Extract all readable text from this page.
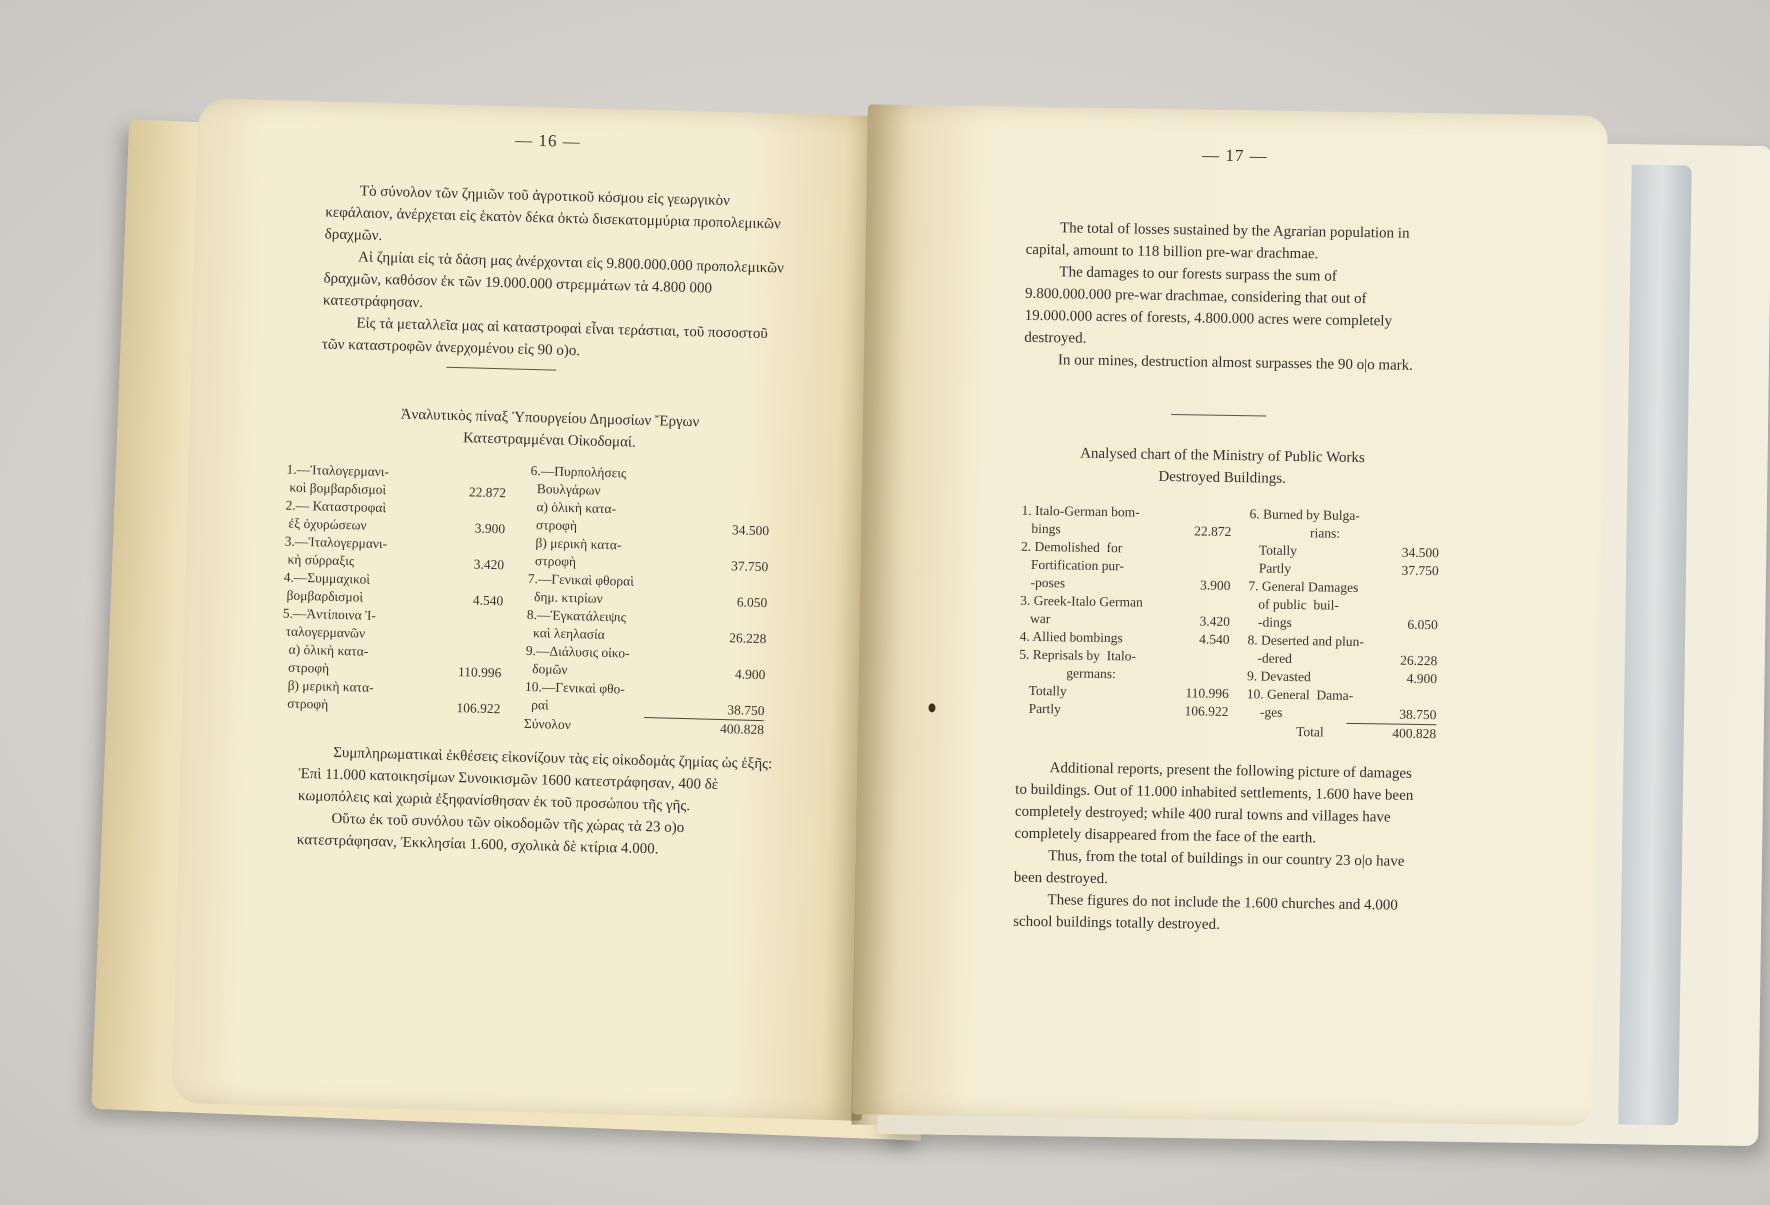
— 16 —

Τὸ σύνολον τῶν ζημιῶν τοῦ ἀγροτικοῦ κόσμου εἰς γεωργικὸν κεφάλαιον, ἀνέρχεται εἰς ἑκατὸν δέκα ὀκτὼ δισεκατομμύρια προπολεμικῶν δραχμῶν.

Αἱ ζημίαι εἰς τὰ δάση μας ἀνέρχονται εἰς 9.800.000.000 προπολεμικῶν δραχμῶν, καθόσον ἐκ τῶν 19.000.000 στρεμμάτων τὰ 4.800 000 κατεστράφησαν.

Εἰς τὰ μεταλλεῖα μας αἱ καταστροφαὶ εἶναι τεράστιαι, τοῦ ποσοστοῦ τῶν καταστροφῶν ἀνερχομένου εἰς 90 ο)ο.

Ἀναλυτικὸς πίναξ Ὑπουργείου Δημοσίων Ἔργων
Κατεστραμμέναι Οἰκοδομαί.
1.—Ἰταλογερμανι-
κοὶ βομβαρδισμοὶ	22.872
2.— Καταστροφαὶ
ἐξ ὀχυρώσεων	3.900
3.—Ἰταλογερμανι-
κὴ σύρραξις	3.420
4.—Συμμαχικοὶ
βομβαρδισμοὶ	4.540
5.—Ἀντίποινα Ἰ-
ταλογερμανῶν
α) ὁλικὴ κατα-
στροφὴ	110.996
β) μερικὴ κατα-
στροφὴ	106.922
6.—Πυρπολήσεις
Βουλγάρων
α) ὁλικὴ κατα-
στροφὴ	34.500
β) μερικὴ κατα-
στροφὴ	37.750
7.—Γενικαὶ φθοραὶ
δημ. κτιρίων	6.050
8.—Ἐγκατάλειψις
καὶ λεηλασία	26.228
9.—Διάλυσις οἰκο-
δομῶν	4.900
10.—Γενικαὶ φθο-
ραὶ	38.750
Σύνολον	400.828

Συμπληρωματικαὶ ἐκθέσεις εἰκονίζουν τὰς εἰς οἰκοδομὰς ζημίας ὡς ἑξῆς: Ἐπὶ 11.000 κατοικησίμων Συνοικισμῶν 1600 κατεστράφησαν, 400 δὲ κωμοπόλεις καὶ χωριὰ ἐξηφανίσθησαν ἐκ τοῦ προσώπου τῆς γῆς.

Οὕτω ἐκ τοῦ συνόλου τῶν οἰκοδομῶν τῆς χώρας τὰ 23 ο)ο κατεστράφησαν, Ἐκκλησίαι 1.600, σχολικὰ δὲ κτίρια 4.000.

— 17 —

The total of losses sustained by the Agrarian population in capital, amount to 118 billion pre-war drachmae.

The damages to our forests surpass the sum of 9.800.000.000 pre-war drachmae, considering that out of 19.000.000 acres of forests, 4.800.000 acres were completely destroyed.

In our mines, destruction almost surpasses the 90 o|o mark.

Analysed chart of the Ministry of Public Works
Destroyed Buildings.
1. Italo-German bom-
bings	22.872
2. Demolished  for
Fortification pur-
-poses	3.900
3. Greek-Italo German
war	3.420
4. Allied bombings	4.540
5. Reprisals by  Italo-
germans:
Totally	110.996
Partly	106.922
6. Burned by Bulga-
rians:
Totally	34.500
Partly	37.750
7. General Damages
of public  buil-
-dings	6.050
8. Deserted and plun-
-dered	26.228
9. Devasted	4.900
10. General  Dama-
-ges	38.750
Total	400.828

Additional reports, present the following picture of damages to buildings. Out of 11.000 inhabited settlements, 1.600 have been completely destroyed; while 400 rural towns and villages have completely disappeared from the face of the earth.

Thus, from the total of buildings in our country 23 o|o have been destroyed.

These figures do not include the 1.600 churches and 4.000 school buildings totally destroyed.
